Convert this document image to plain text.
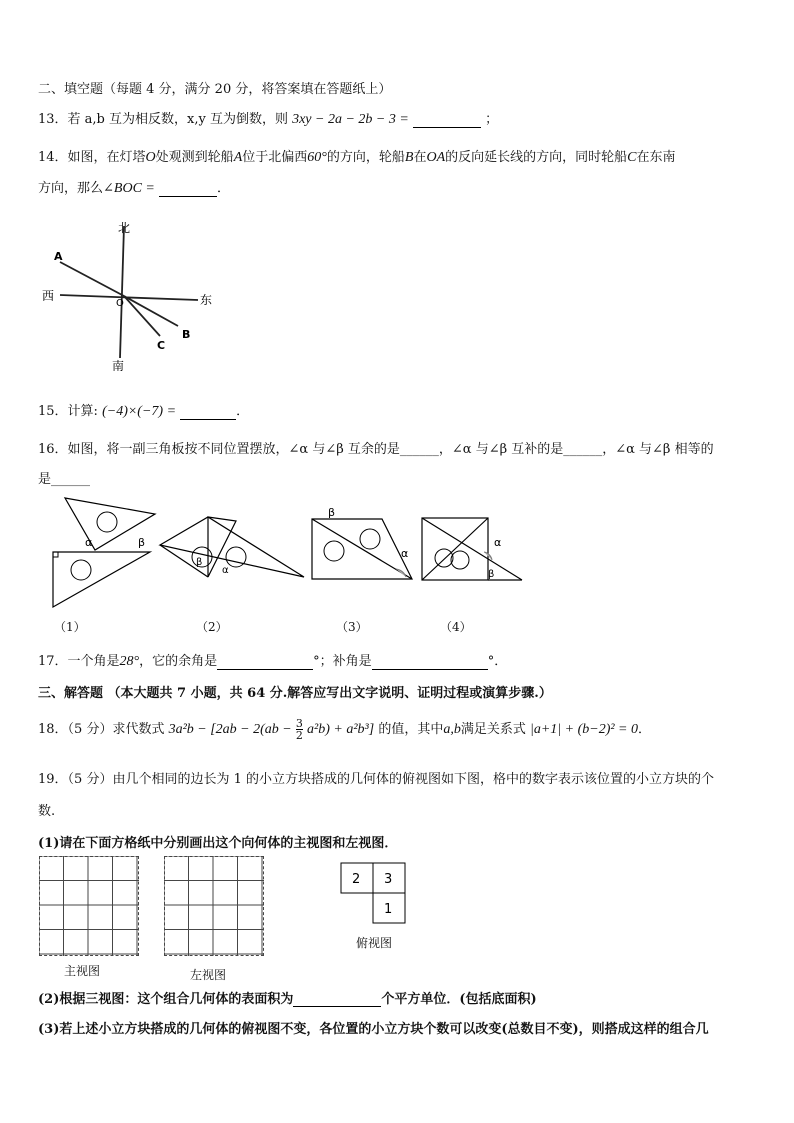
二、填空题（每题 4 分，满分 20 分，将答案填在答题纸上）
13．若 a,b 互为相反数，x,y 互为倒数，则 3xy − 2a − 2b − 3 =	；
14．如图，在灯塔O处观测到轮船A位于北偏西60°的方向，轮船B在OA的反向延长线的方向，同时轮船C在东南
方向，那么∠BOC =	．
北
南
西	东
A
B
C
O
15．计算: (−4)×(−7) =	．
16．如图，将一副三角板按不同位置摆放，∠α 与∠β 互余的是______，∠α 与∠β 互补的是______，∠α 与∠β 相等的
是______
α	β
β
α
β
α
α
β
（1）	（2）	（3）	（4）
17．一个角是28°，它的余角是	°；补角是	°．
三、解答题 （本大题共 7 小题，共 64 分.解答应写出文字说明、证明过程或演算步骤.）
18．（5 分）求代数式 $3a^2b - [2ab - 2(ab - \frac{3}{2} a^2b) + a^2b^3]$ 的值，其中a,b满足关系式 |a+1| + (b−2)² = 0．
19．（5 分）由几个相同的边长为 1 的小立方块搭成的几何体的俯视图如下图，格中的数字表示该位置的小立方块的个
数.
(1)请在下面方格纸中分别画出这个向何体的主视图和左视图．
主视图	左视图
2 3
1
俯视图
(2)根据三视图：这个组合几何体的表面积为	个平方单位．(包括底面积)
(3)若上述小立方块搭成的几何体的俯视图不变，各位置的小立方块个数可以改变(总数目不变)，则搭成这样的组合几
